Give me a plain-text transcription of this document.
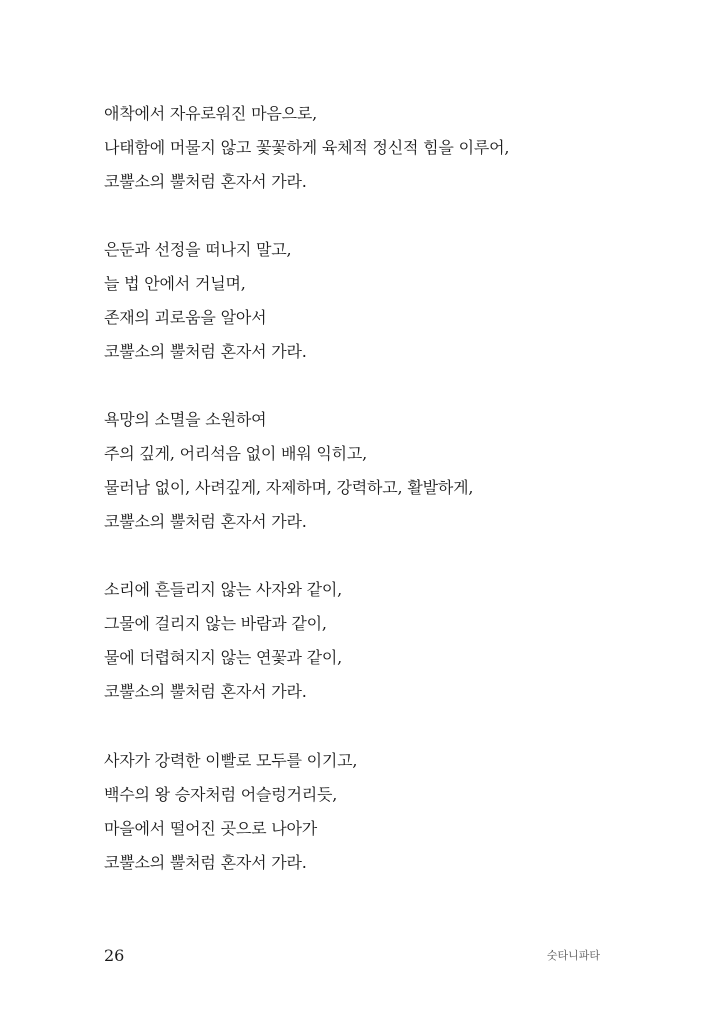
애착에서 자유로워진 마음으로,
나태함에 머물지 않고 꽃꽃하게 육체적 정신적 힘을 이루어,
코뿔소의 뿔처럼 혼자서 가라.
은둔과 선정을 떠나지 말고,
늘 법 안에서 거닐며,
존재의 괴로움을 알아서
코뿔소의 뿔처럼 혼자서 가라.
욕망의 소멸을 소원하여
주의 깊게, 어리석음 없이 배워 익히고,
물러남 없이, 사려깊게, 자제하며, 강력하고, 활발하게,
코뿔소의 뿔처럼 혼자서 가라.
소리에 흔들리지 않는 사자와 같이,
그물에 걸리지 않는 바람과 같이,
물에 더렵혀지지 않는 연꽃과 같이,
코뿔소의 뿔처럼 혼자서 가라.
사자가 강력한 이빨로 모두를 이기고,
백수의 왕 승자처럼 어슬렁거리듯,
마을에서 떨어진 곳으로 나아가
코뿔소의 뿔처럼 혼자서 가라.
26	숫타니파타
